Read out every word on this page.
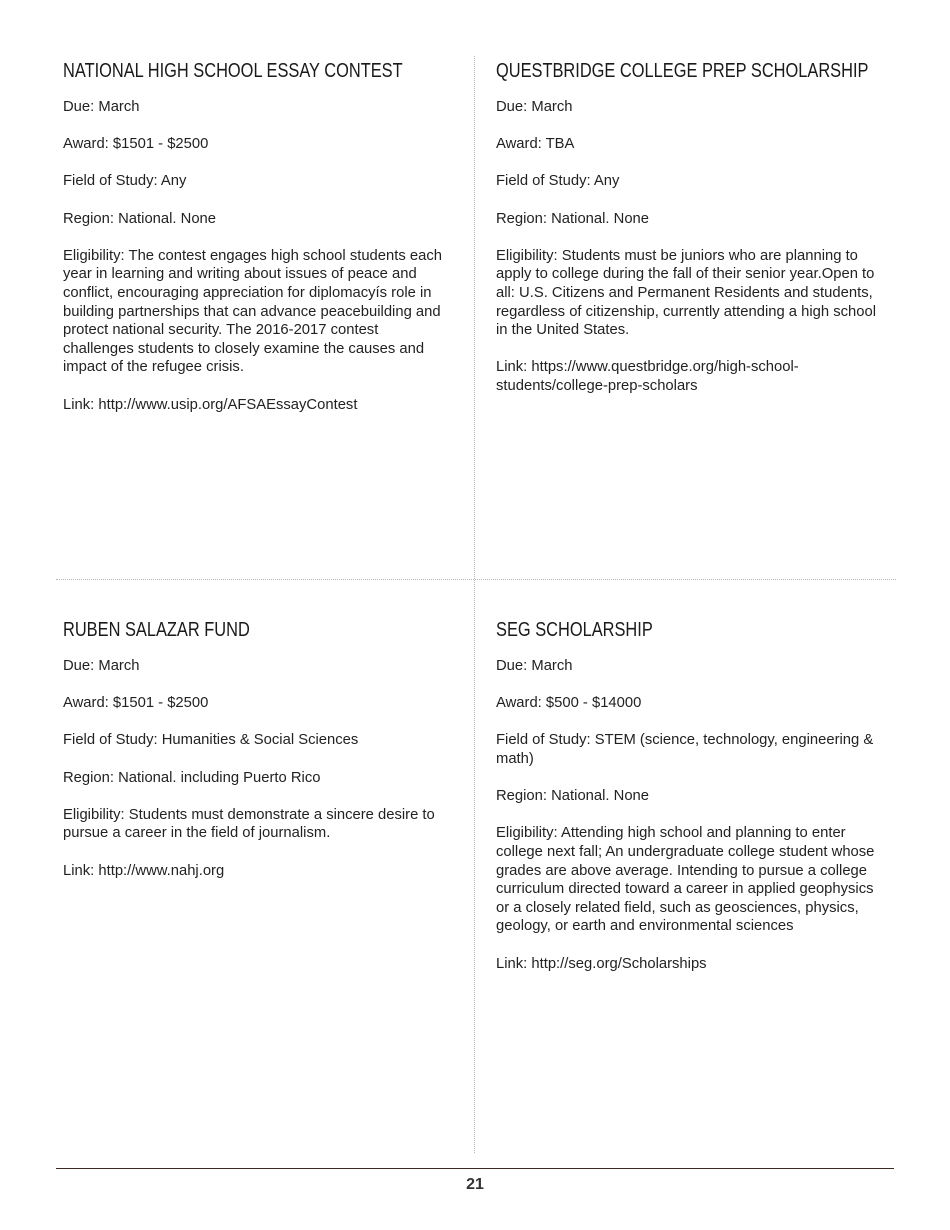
NATIONAL HIGH SCHOOL ESSAY CONTEST

Due: March

Award: $1501 - $2500

Field of Study: Any

Region: National. None

Eligibility: The contest engages high school students each year in learning and writing about issues of peace and conflict, encouraging appreciation for diplomacyís role in building partnerships that can advance peacebuilding and protect national security. The 2016-2017 contest challenges students to closely examine the causes and impact of the refugee crisis.

Link: http://www.usip.org/AFSAEssayContest

QUESTBRIDGE COLLEGE PREP SCHOLARSHIP

Due: March

Award: TBA

Field of Study: Any

Region: National. None

Eligibility: Students must be juniors who are planning to apply to college during the fall of their senior year.Open to all: U.S. Citizens and Permanent Residents and students, regardless of citizenship, currently attending a high school in the United States.

Link: https://www.questbridge.org/high-school-students/college-prep-scholars

RUBEN SALAZAR FUND

Due: March

Award: $1501 - $2500

Field of Study: Humanities & Social Sciences

Region: National. including Puerto Rico

Eligibility: Students must demonstrate a sincere desire to pursue a career in the field of journalism.

Link: http://www.nahj.org

SEG SCHOLARSHIP

Due: March

Award: $500 - $14000

Field of Study: STEM (science, technology, engineering & math)

Region: National. None

Eligibility: Attending high school and planning to enter college next fall; An undergraduate college student whose grades are above average. Intending to pursue a college curriculum directed toward a career in applied geophysics or a closely related field, such as geosciences, physics, geology, or earth and environmental sciences

Link: http://seg.org/Scholarships

21
